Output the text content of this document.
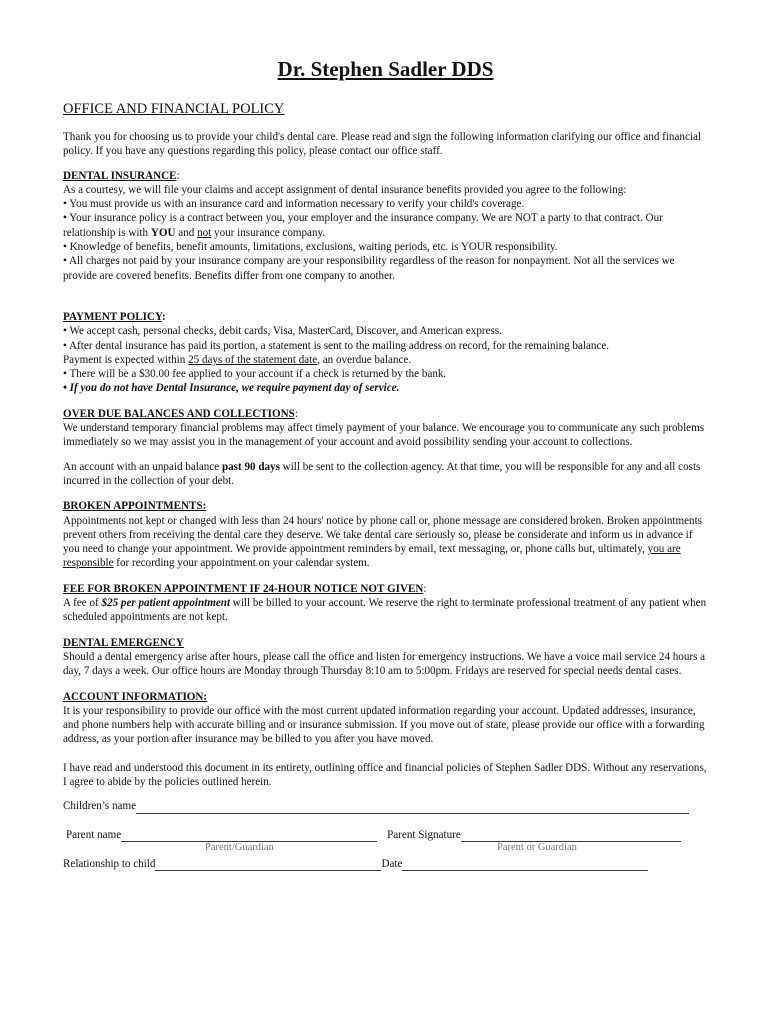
Dr. Stephen Sadler DDS
OFFICE AND FINANCIAL POLICY

Thank you for choosing us to provide your child's dental care. Please read and sign the following information clarifying our office and financial policy. If you have any questions regarding this policy, please contact our office staff.

DENTAL INSURANCE:

As a courtesy, we will file your claims and accept assignment of dental insurance benefits provided you agree to the following:

• You must provide us with an insurance card and information necessary to verify your child's coverage.

• Your insurance policy is a contract between you, your employer and the insurance company. We are NOT a party to that contract. Our relationship is with YOU and not your insurance company.

• Knowledge of benefits, benefit amounts, limitations, exclusions, waiting periods, etc. is YOUR responsibility.

• All charges not paid by your insurance company are your responsibility regardless of the reason for nonpayment. Not all the services we provide are covered benefits. Benefits differ from one company to another.

PAYMENT POLICY:

• We accept cash, personal checks, debit cards, Visa, MasterCard, Discover, and American express.

• After dental insurance has paid its portion, a statement is sent to the mailing address on record, for the remaining balance.

Payment is expected within 25 days of the statement date, an overdue balance.

• There will be a $30.00 fee applied to your account if a check is returned by the bank.

• If you do not have Dental Insurance, we require payment day of service.

OVER DUE BALANCES AND COLLECTIONS:

We understand temporary financial problems may affect timely payment of your balance. We encourage you to communicate any such problems immediately so we may assist you in the management of your account and avoid possibility sending your account to collections.

An account with an unpaid balance past 90 days will be sent to the collection agency. At that time, you will be responsible for any and all costs incurred in the collection of your debt.

BROKEN APPOINTMENTS:

Appointments not kept or changed with less than 24 hours' notice by phone call or, phone message are considered broken. Broken appointments prevent others from receiving the dental care they deserve. We take dental care seriously so, please be considerate and inform us in advance if you need to change your appointment. We provide appointment reminders by email, text messaging, or, phone calls but, ultimately, you are responsible for recording your appointment on your calendar system.

FEE FOR BROKEN APPOINTMENT IF 24-HOUR NOTICE NOT GIVEN:

A fee of $25 per patient appointment will be billed to your account. We reserve the right to terminate professional treatment of any patient when scheduled appointments are not kept.

DENTAL EMERGENCY

Should a dental emergency arise after hours, please call the office and listen for emergency instructions. We have a voice mail service 24 hours a day, 7 days a week. Our office hours are Monday through Thursday 8:10 am to 5:00pm. Fridays are reserved for special needs dental cases.

ACCOUNT INFORMATION:

It is your responsibility to provide our office with the most current updated information regarding your account. Updated addresses, insurance, and phone numbers help with accurate billing and or insurance submission. If you move out of state, please provide our office with a forwarding address, as your portion after insurance may be billed to you after you have moved.

I have read and understood this document in its entirety, outlining office and financial policies of Stephen Sadler DDS. Without any reservations, I agree to abide by the policies outlined herein.

Children’s name
Parent name	Parent Signature
Parent/Guardian	Parent or Guardian
Relationship to child	Date
